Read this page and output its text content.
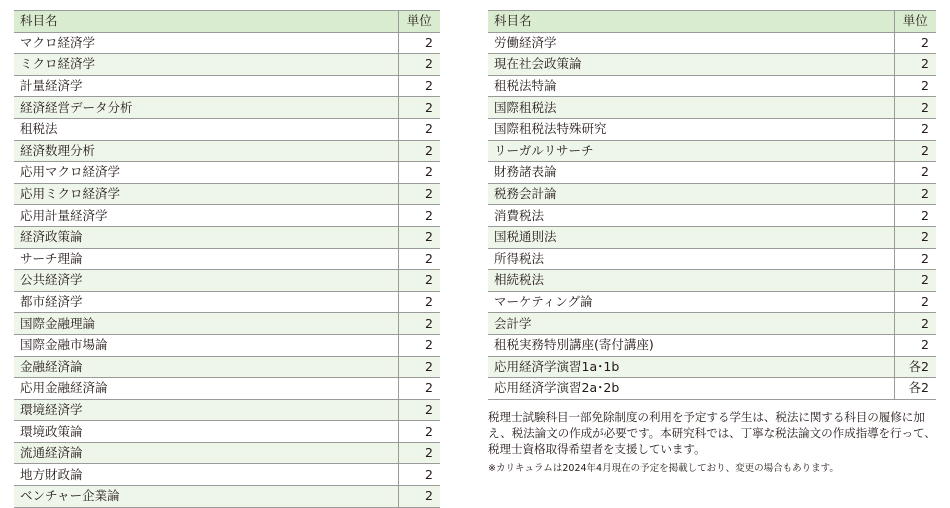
科目名	単位
マクロ経済学	2
ミクロ経済学	2
計量経済学	2
経済経営データ分析	2
租税法	2
経済数理分析	2
応用マクロ経済学	2
応用ミクロ経済学	2
応用計量経済学	2
経済政策論	2
サーチ理論	2
公共経済学	2
都市経済学	2
国際金融理論	2
国際金融市場論	2
金融経済論	2
応用金融経済論	2
環境経済学	2
環境政策論	2
流通経済論	2
地方財政論	2
ベンチャー企業論	2
科目名	単位
労働経済学	2
現在社会政策論	2
租税法特論	2
国際租税法	2
国際租税法特殊研究	2
リーガルリサーチ	2
財務諸表論	2
税務会計論	2
消費税法	2
国税通則法	2
所得税法	2
相続税法	2
マーケティング論	2
会計学	2
租税実務特別講座(寄付講座)	2
応用経済学演習1a･1b	各2
応用経済学演習2a･2b	各2

税理士試験科目一部免除制度の利用を予定する学生は、税法に関する科目の履修に加え、税法論文の作成が必要です。本研究科では、丁寧な税法論文の作成指導を行って、税理士資格取得希望者を支援しています。

※カリキュラムは2024年4月現在の予定を掲載しており、変更の場合もあります。
